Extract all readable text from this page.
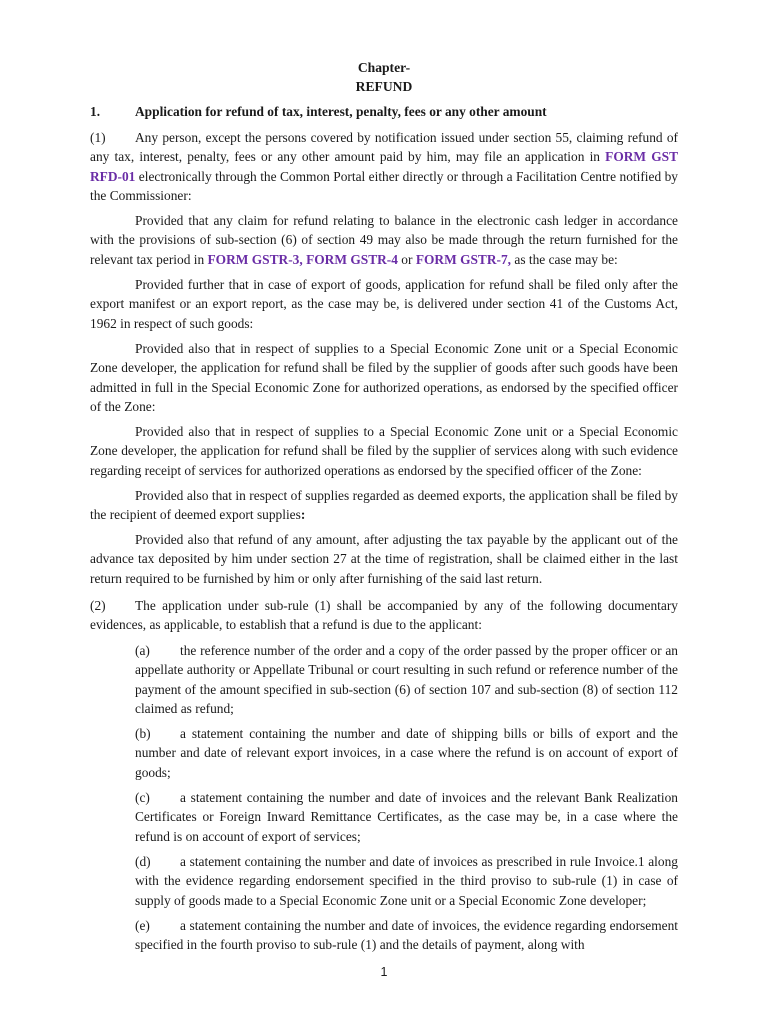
Chapter-
REFUND
1.	Application for refund of tax, interest, penalty, fees or any other amount
(1) Any person, except the persons covered by notification issued under section 55, claiming refund of any tax, interest, penalty, fees or any other amount paid by him, may file an application in FORM GST RFD-01 electronically through the Common Portal either directly or through a Facilitation Centre notified by the Commissioner:
Provided that any claim for refund relating to balance in the electronic cash ledger in accordance with the provisions of sub-section (6) of section 49 may also be made through the return furnished for the relevant tax period in FORM GSTR-3, FORM GSTR-4 or FORM GSTR-7, as the case may be:
Provided further that in case of export of goods, application for refund shall be filed only after the export manifest or an export report, as the case may be, is delivered under section 41 of the Customs Act, 1962 in respect of such goods:
Provided also that in respect of supplies to a Special Economic Zone unit or a Special Economic Zone developer, the application for refund shall be filed by the supplier of goods after such goods have been admitted in full in the Special Economic Zone for authorized operations, as endorsed by the specified officer of the Zone:
Provided also that in respect of supplies to a Special Economic Zone unit or a Special Economic Zone developer, the application for refund shall be filed by the supplier of services along with such evidence regarding receipt of services for authorized operations as endorsed by the specified officer of the Zone:
Provided also that in respect of supplies regarded as deemed exports, the application shall be filed by the recipient of deemed export supplies:
Provided also that refund of any amount, after adjusting the tax payable by the applicant out of the advance tax deposited by him under section 27 at the time of registration, shall be claimed either in the last return required to be furnished by him or only after furnishing of the said last return.
(2) The application under sub-rule (1) shall be accompanied by any of the following documentary evidences, as applicable, to establish that a refund is due to the applicant:
(a) the reference number of the order and a copy of the order passed by the proper officer or an appellate authority or Appellate Tribunal or court resulting in such refund or reference number of the payment of the amount specified in sub-section (6) of section 107 and sub-section (8) of section 112 claimed as refund;
(b) a statement containing the number and date of shipping bills or bills of export and the number and date of relevant export invoices, in a case where the refund is on account of export of goods;
(c) a statement containing the number and date of invoices and the relevant Bank Realization Certificates or Foreign Inward Remittance Certificates, as the case may be, in a case where the refund is on account of export of services;
(d) a statement containing the number and date of invoices as prescribed in rule Invoice.1 along with the evidence regarding endorsement specified in the third proviso to sub-rule (1) in case of supply of goods made to a Special Economic Zone unit or a Special Economic Zone developer;
(e) a statement containing the number and date of invoices, the evidence regarding endorsement specified in the fourth proviso to sub-rule (1) and the details of payment, along with
1
